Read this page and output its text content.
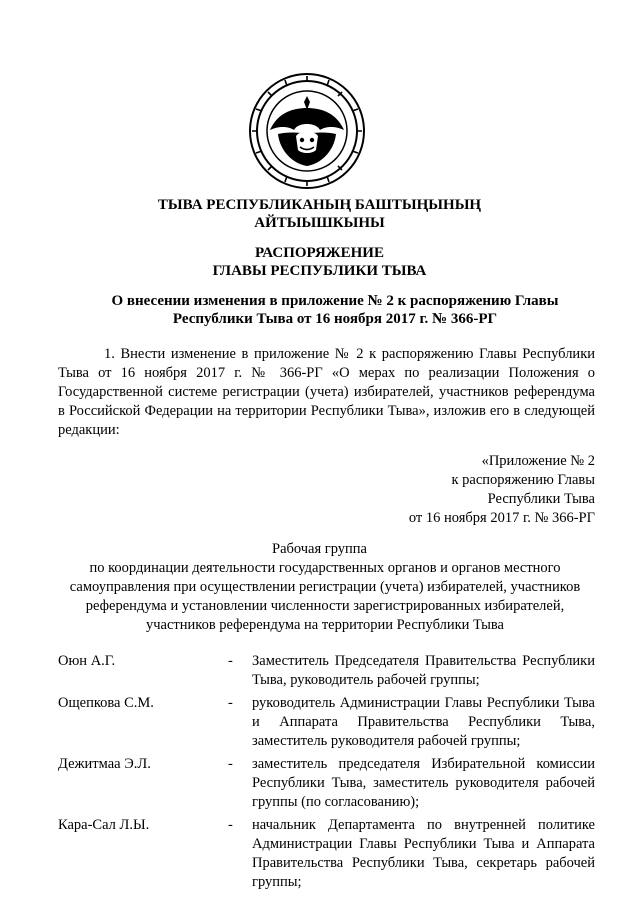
ТЫВА РЕСПУБЛИКАНЫҢ БАШТЫҢЫНЫҢ
АЙТЫЫШКЫНЫ
РАСПОРЯЖЕНИЕ
ГЛАВЫ РЕСПУБЛИКИ ТЫВА
О внесении изменения в приложение № 2 к распоряжению Главы
Республики Тыва от 16 ноября 2017 г. № 366-РГ
1. Внести изменение в приложение № 2 к распоряжению Главы Республики Тыва от 16 ноября 2017 г. № 366-РГ «О мерах по реализации Положения о Государственной системе регистрации (учета) избирателей, участников референдума в Российской Федерации на территории Республики Тыва», изложив его в следующей редакции:
«Приложение № 2
к распоряжению Главы
Республики Тыва
от 16 ноября 2017 г. № 366-РГ
Рабочая группа
по координации деятельности государственных органов и органов местного самоуправления при осуществлении регистрации (учета) избирателей, участников референдума и установлении численности зарегистрированных избирателей, участников референдума на территории Республики Тыва
Оюн А.Г.	-	Заместитель Председателя Правительства Республики Тыва, руководитель рабочей группы;
Ощепкова С.М.	-	руководитель Администрации Главы Республики Тыва и Аппарата Правительства Республики Тыва, заместитель руководителя рабочей группы;
Дежитмаа Э.Л.	-	заместитель председателя Избирательной комиссии Республики Тыва, заместитель руководителя рабочей группы (по согласованию);
Кара-Сал Л.Ы.	-	начальник Департамента по внутренней политике Администрации Главы Республики Тыва и Аппарата Правительства Республики Тыва, секретарь рабочей группы;
